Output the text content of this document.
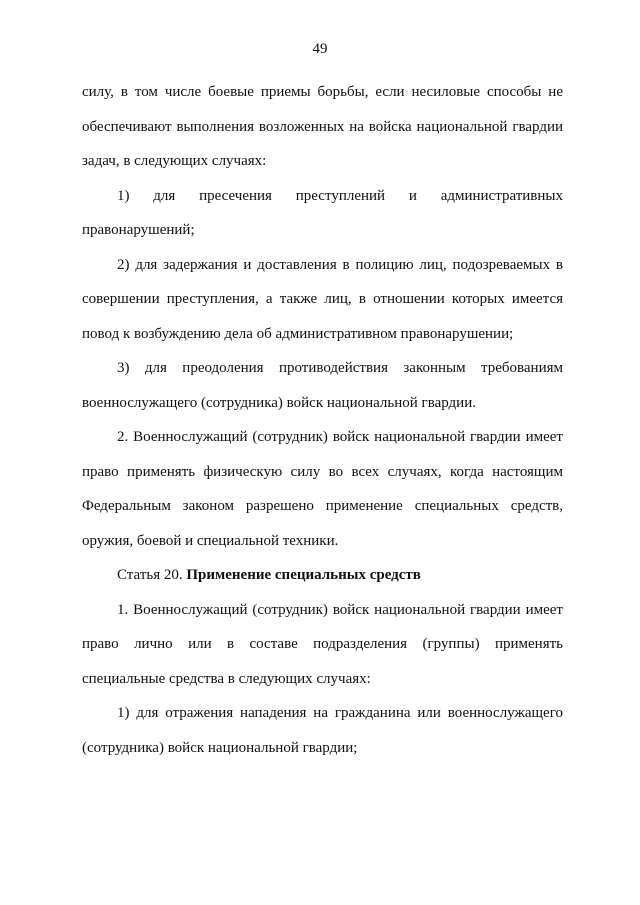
49

силу, в том числе боевые приемы борьбы, если несиловые способы не обеспечивают выполнения возложенных на войска национальной гвардии задач, в следующих случаях:

1) для пресечения преступлений и административных правонарушений;

2) для задержания и доставления в полицию лиц, подозреваемых в совершении преступления, а также лиц, в отношении которых имеется повод к возбуждению дела об административном правонарушении;

3) для преодоления противодействия законным требованиям военнослужащего (сотрудника) войск национальной гвардии.

2. Военнослужащий (сотрудник) войск национальной гвардии имеет право применять физическую силу во всех случаях, когда настоящим Федеральным законом разрешено применение специальных средств, оружия, боевой и специальной техники.

Статья 20. Применение специальных средств

1. Военнослужащий (сотрудник) войск национальной гвардии имеет право лично или в составе подразделения (группы) применять специальные средства в следующих случаях:

1) для отражения нападения на гражданина или военнослужащего (сотрудника) войск национальной гвардии;
